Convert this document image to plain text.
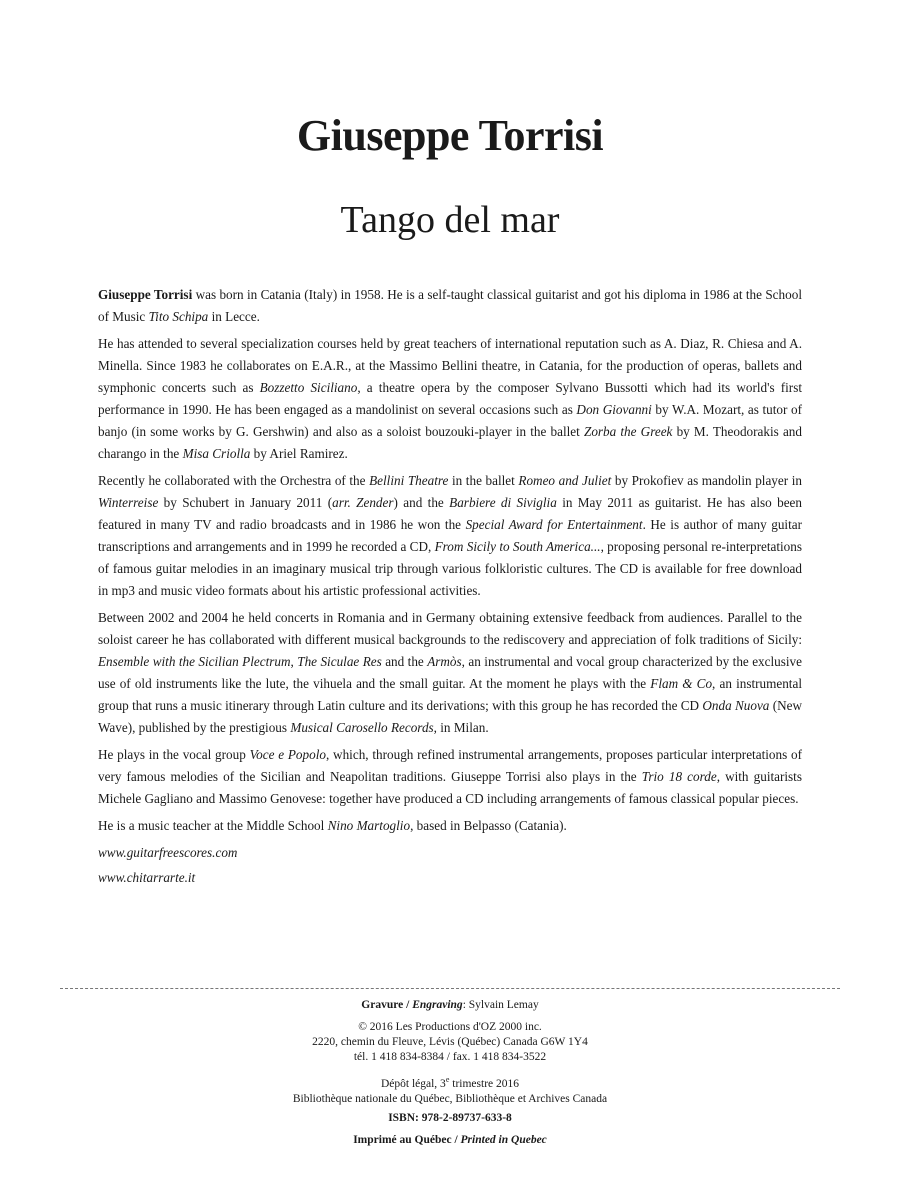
Giuseppe Torrisi
Tango del mar

Giuseppe Torrisi was born in Catania (Italy) in 1958. He is a self-taught classical guitarist and got his diploma in 1986 at the School of Music Tito Schipa in Lecce.

He has attended to several specialization courses held by great teachers of international reputation such as A. Diaz, R. Chiesa and A. Minella. Since 1983 he collaborates on E.A.R., at the Massimo Bellini theatre, in Catania, for the production of operas, ballets and symphonic concerts such as Bozzetto Siciliano, a theatre opera by the composer Sylvano Bussotti which had its world's first performance in 1990. He has been engaged as a mandolinist on several occasions such as Don Giovanni by W.A. Mozart, as tutor of banjo (in some works by G. Gershwin) and also as a soloist bouzouki-player in the ballet Zorba the Greek by M. Theodorakis and charango in the Misa Criolla by Ariel Ramirez.

Recently he collaborated with the Orchestra of the Bellini Theatre in the ballet Romeo and Juliet by Prokofiev as mandolin player in Winterreise by Schubert in January 2011 (arr. Zender) and the Barbiere di Siviglia in May 2011 as guitarist. He has also been featured in many TV and radio broadcasts and in 1986 he won the Special Award for Entertainment. He is author of many guitar transcriptions and arrangements and in 1999 he recorded a CD, From Sicily to South America..., proposing personal re-interpretations of famous guitar melodies in an imaginary musical trip through various folkloristic cultures. The CD is available for free download in mp3 and music video formats about his artistic professional activities.

Between 2002 and 2004 he held concerts in Romania and in Germany obtaining extensive feedback from audiences. Parallel to the soloist career he has collaborated with different musical backgrounds to the rediscovery and appreciation of folk traditions of Sicily: Ensemble with the Sicilian Plectrum, The Siculae Res and the Armòs, an instrumental and vocal group characterized by the exclusive use of old instruments like the lute, the vihuela and the small guitar. At the moment he plays with the Flam & Co, an instrumental group that runs a music itinerary through Latin culture and its derivations; with this group he has recorded the CD Onda Nuova (New Wave), published by the prestigious Musical Carosello Records, in Milan.

He plays in the vocal group Voce e Popolo, which, through refined instrumental arrangements, proposes particular interpretations of very famous melodies of the Sicilian and Neapolitan traditions. Giuseppe Torrisi also plays in the Trio 18 corde, with guitarists Michele Gagliano and Massimo Genovese: together have produced a CD including arrangements of famous classical popular pieces.

He is a music teacher at the Middle School Nino Martoglio, based in Belpasso (Catania).

www.guitarfreescores.com

www.chitarrarte.it

Gravure / Engraving: Sylvain Lemay
© 2016 Les Productions d'OZ 2000 inc.
2220, chemin du Fleuve, Lévis (Québec) Canada G6W 1Y4
tél. 1 418 834-8384 / fax. 1 418 834-3522
Dépôt légal, 3e trimestre 2016
Bibliothèque nationale du Québec, Bibliothèque et Archives Canada
ISBN: 978-2-89737-633-8
Imprimé au Québec / Printed in Quebec
